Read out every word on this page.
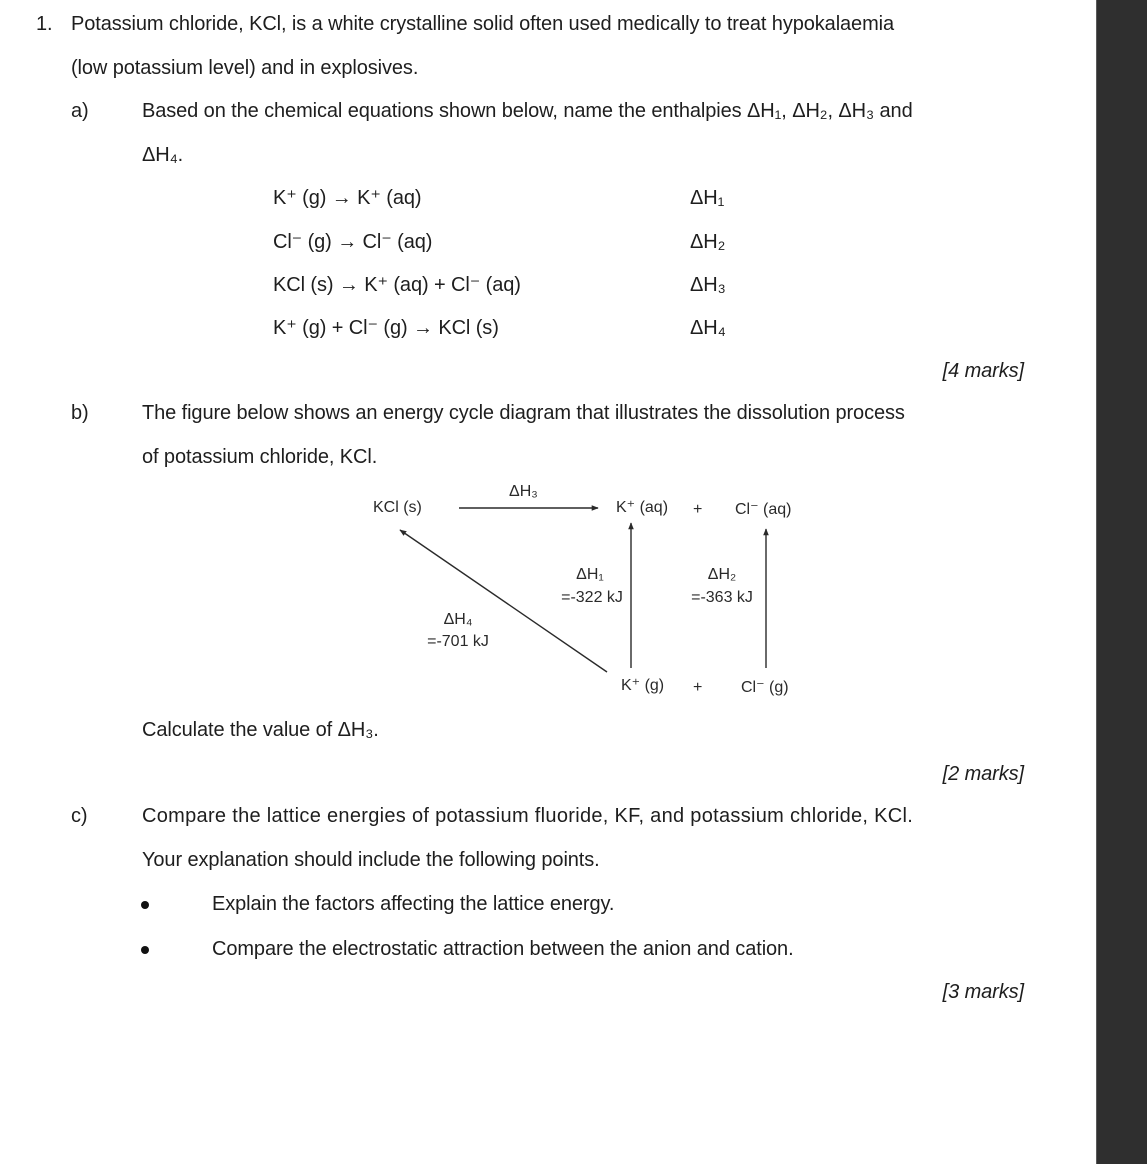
1. Potassium chloride, KCl, is a white crystalline solid often used medically to treat hypokalaemia
(low potassium level) and in explosives.
a)	Based on the chemical equations shown below, name the enthalpies ΔH₁, ΔH₂, ΔH₃ and
ΔH₄.
K⁺ (g) → K⁺ (aq)	ΔH₁
Cl⁻ (g) → Cl⁻ (aq)	ΔH₂
KCl (s) → K⁺ (aq) + Cl⁻ (aq)	ΔH₃
K⁺ (g) + Cl⁻ (g) → KCl (s)	ΔH₄
[4 marks]
b)	The figure below shows an energy cycle diagram that illustrates the dissolution process
of potassium chloride, KCl.
KCl (s)
ΔH₃
K⁺ (aq) + Cl⁻ (aq)
ΔH₁
=-322 kJ
ΔH₂
=-363 kJ
ΔH₄
=-701 kJ
K⁺ (g) + Cl⁻ (g)
Calculate the value of ΔH₃.
[2 marks]
c)	Compare the lattice energies of potassium fluoride, KF, and potassium chloride, KCl.
Your explanation should include the following points.
Explain the factors affecting the lattice energy.
Compare the electrostatic attraction between the anion and cation.
[3 marks]
